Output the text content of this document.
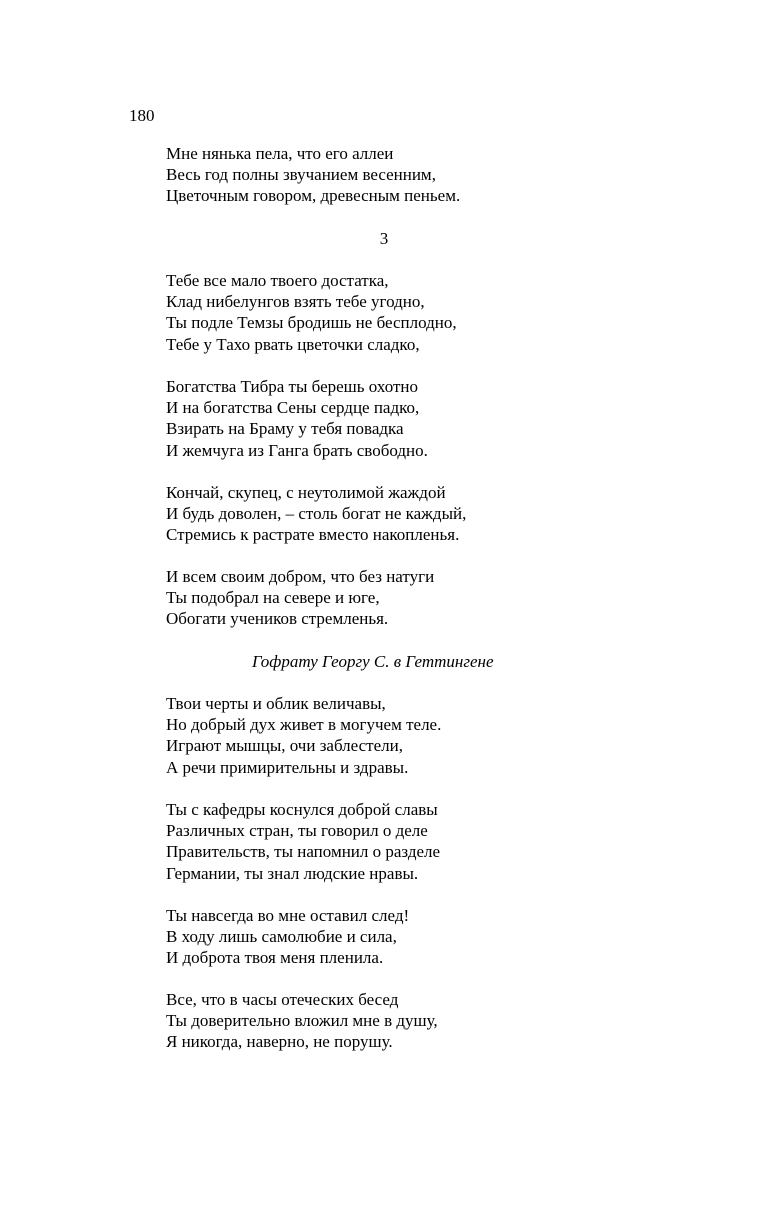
180
Мне нянька пела, что его аллеи
Весь год полны звучанием весенним,
Цветочным говором, древесным пеньем.
3
Тебе все мало твоего достатка,
Клад нибелунгов взять тебе угодно,
Ты подле Темзы бродишь не бесплодно,
Тебе у Тахо рвать цветочки сладко,
Богатства Тибра ты берешь охотно
И на богатства Сены сердце падко,
Взирать на Браму у тебя повадка
И жемчуга из Ганга брать свободно.
Кончай, скупец, с неутолимой жаждой
И будь доволен, – столь богат не каждый,
Стремись к растрате вместо накопленья.
И всем своим добром, что без натуги
Ты подобрал на севере и юге,
Обогати учеников стремленья.
Гофрату Георгу С. в Геттингене
Твои черты и облик величавы,
Но добрый дух живет в могучем теле.
Играют мышцы, очи заблестели,
А речи примирительны и здравы.
Ты с кафедры коснулся доброй славы
Различных стран, ты говорил о деле
Правительств, ты напомнил о разделе
Германии, ты знал людские нравы.
Ты навсегда во мне оставил след!
В ходу лишь самолюбие и сила,
И доброта твоя меня пленила.
Все, что в часы отеческих бесед
Ты доверительно вложил мне в душу,
Я никогда, наверно, не порушу.
